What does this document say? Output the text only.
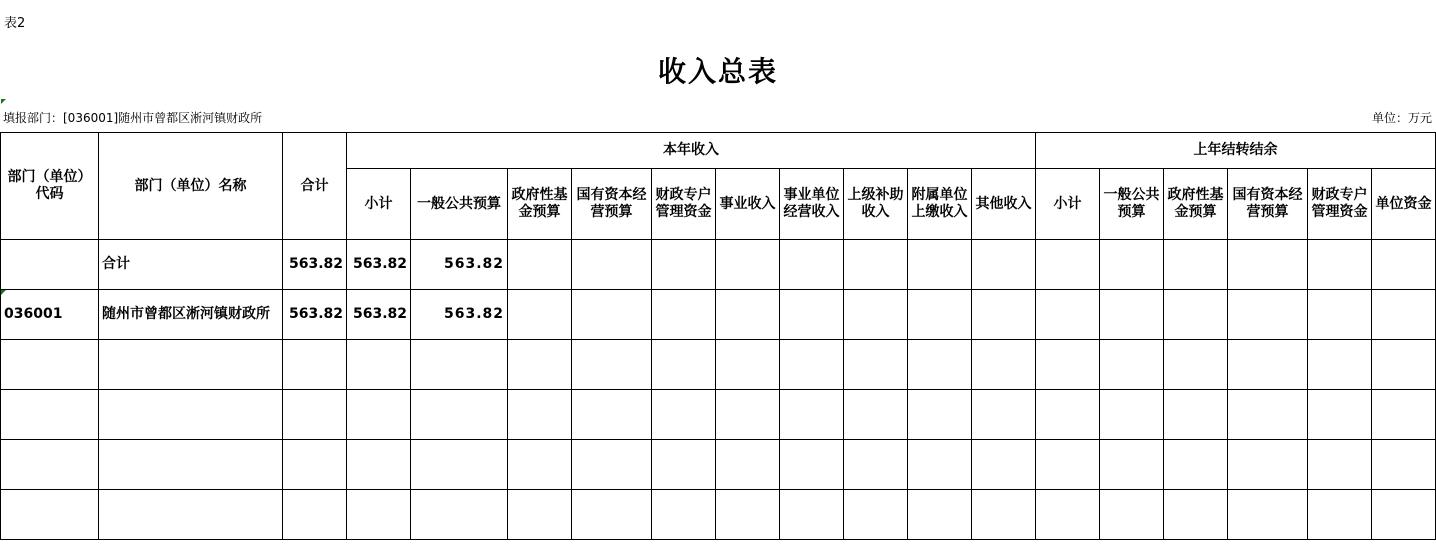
表2
收入总表
填报部门：[036001]随州市曾都区淅河镇财政所	单位：万元
部门（单位）代码	部门（单位）名称	合计	本年收入										上年结转结余					
			小计	一般公共预算	政府性基金预算	国有资本经营预算	财政专户管理资金	事业收入	事业单位经营收入	上级补助收入	附属单位上缴收入	其他收入	小计	一般公共预算	政府性基金预算	国有资本经营预算	财政专户管理资金	单位资金
	合计	563.82	563.82	563.82														

036001	随州市曾都区淅河镇财政所	563.82	563.82	563.82														
